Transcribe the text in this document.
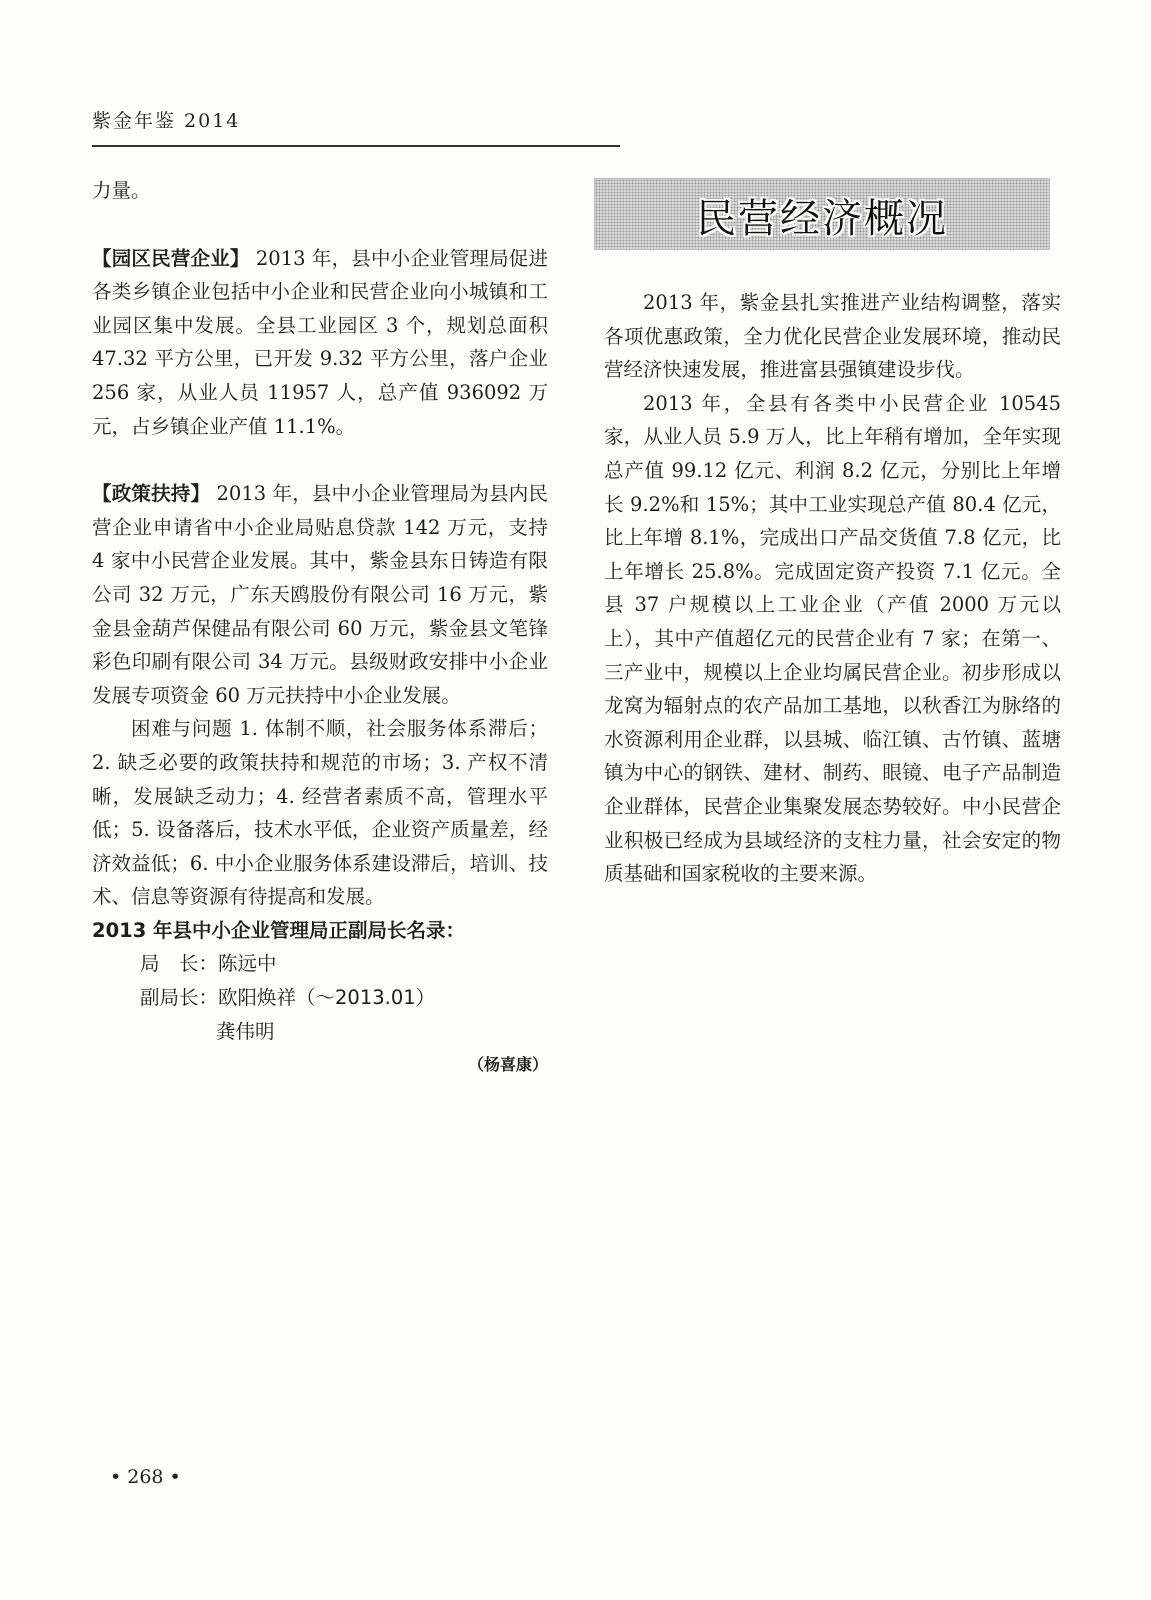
紫金年鉴 2014

力量。

【园区民营企业】 2013 年，县中小企业管理局促进各类乡镇企业包括中小企业和民营企业向小城镇和工业园区集中发展。全县工业园区 3 个，规划总面积 47.32 平方公里，已开发 9.32 平方公里，落户企业 256 家，从业人员 11957 人，总产值 936092 万元，占乡镇企业产值 11.1%。

【政策扶持】 2013 年，县中小企业管理局为县内民营企业申请省中小企业局贴息贷款 142 万元，支持 4 家中小民营企业发展。其中，紫金县东日铸造有限公司 32 万元，广东天鸥股份有限公司 16 万元，紫金县金葫芦保健品有限公司 60 万元，紫金县文笔锋彩色印刷有限公司 34 万元。县级财政安排中小企业发展专项资金 60 万元扶持中小企业发展。

困难与问题 1. 体制不顺，社会服务体系滞后；2. 缺乏必要的政策扶持和规范的市场；3. 产权不清晰，发展缺乏动力；4. 经营者素质不高，管理水平低；5. 设备落后，技术水平低，企业资产质量差，经济效益低；6. 中小企业服务体系建设滞后，培训、技术、信息等资源有待提高和发展。

2013 年县中小企业管理局正副局长名录：

局　长：陈远中

副局长：欧阳焕祥（～2013.01）

龚伟明

（杨喜康）

民营经济概况

2013 年，紫金县扎实推进产业结构调整，落实各项优惠政策，全力优化民营企业发展环境，推动民营经济快速发展，推进富县强镇建设步伐。

2013 年，全县有各类中小民营企业 10545 家，从业人员 5.9 万人，比上年稍有增加，全年实现总产值 99.12 亿元、利润 8.2 亿元，分别比上年增长 9.2%和 15%；其中工业实现总产值 80.4 亿元，比上年增 8.1%，完成出口产品交货值 7.8 亿元，比上年增长 25.8%。完成固定资产投资 7.1 亿元。全县 37 户规模以上工业企业（产值 2000 万元以上），其中产值超亿元的民营企业有 7 家；在第一、三产业中，规模以上企业均属民营企业。初步形成以龙窝为辐射点的农产品加工基地，以秋香江为脉络的水资源利用企业群，以县城、临江镇、古竹镇、蓝塘镇为中心的钢铁、建材、制药、眼镜、电子产品制造企业群体，民营企业集聚发展态势较好。中小民营企业积极已经成为县域经济的支柱力量，社会安定的物质基础和国家税收的主要来源。

• 268 •
